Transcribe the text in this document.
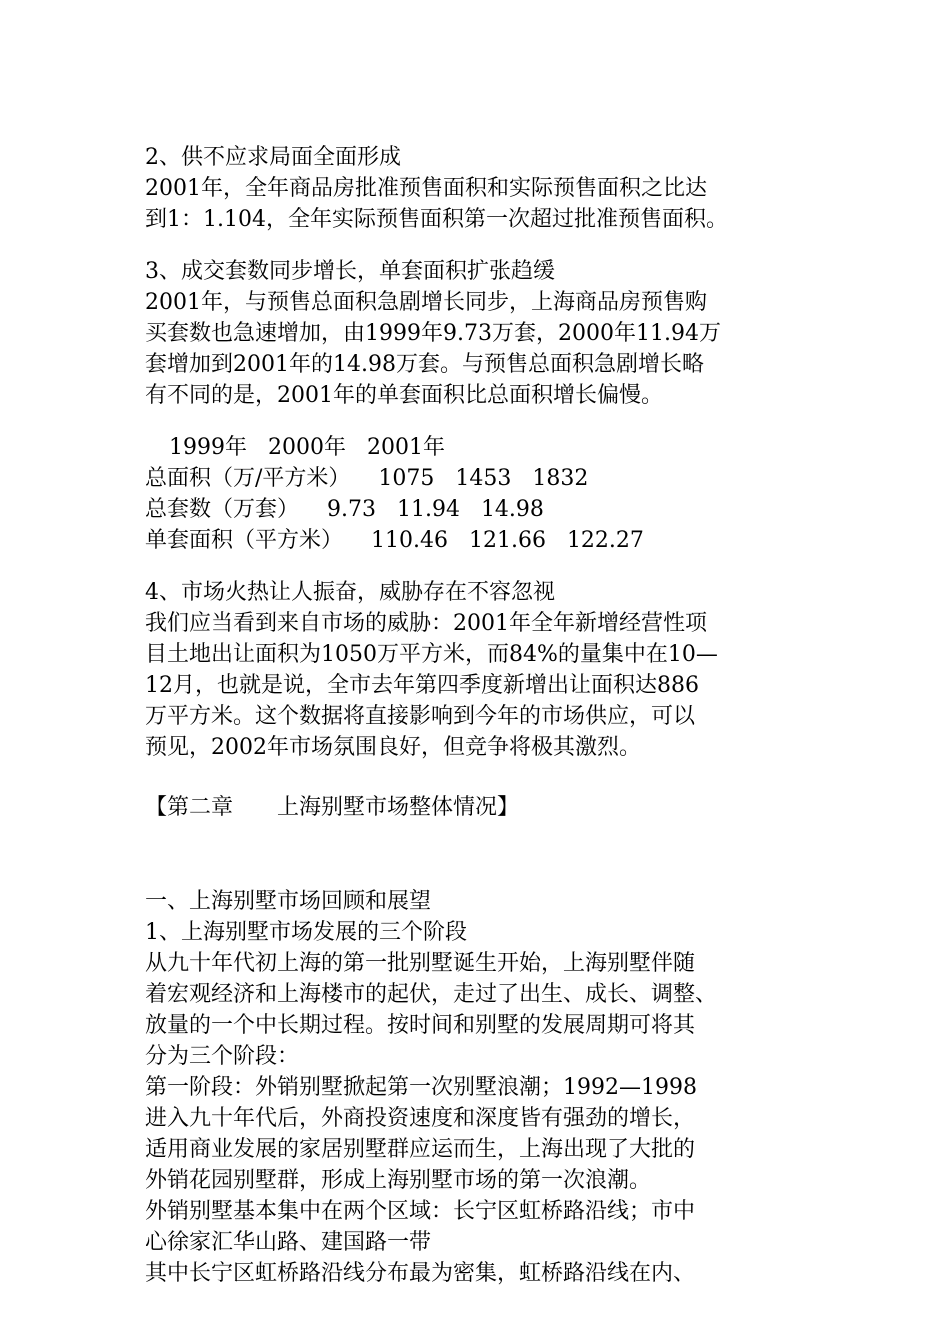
2、供不应求局面全面形成
2001年，全年商品房批准预售面积和实际预售面积之比达
到1：1.104，全年实际预售面积第一次超过批准预售面积。
3、成交套数同步增长，单套面积扩张趋缓
2001年，与预售总面积急剧增长同步，上海商品房预售购
买套数也急速增加，由1999年9.73万套，2000年11.94万
套增加到2001年的14.98万套。与预售总面积急剧增长略
有不同的是，2001年的单套面积比总面积增长偏慢。
1999年
2000年
2001年
总面积（万/平方米）
1075
1453
1832
总套数（万套）
9.73
11.94
14.98
单套面积（平方米）
110.46
121.66
122.27
4、市场火热让人振奋，威胁存在不容忽视
我们应当看到来自市场的威胁：2001年全年新增经营性项
目土地出让面积为1050万平方米，而84%的量集中在10—
12月，也就是说，全市去年第四季度新增出让面积达886
万平方米。这个数据将直接影响到今年的市场供应，可以
预见，2002年市场氛围良好，但竞争将极其激烈。
【第二章　　上海别墅市场整体情况】
一、上海别墅市场回顾和展望
1、上海别墅市场发展的三个阶段
从九十年代初上海的第一批别墅诞生开始，上海别墅伴随
着宏观经济和上海楼市的起伏，走过了出生、成长、调整、
放量的一个中长期过程。按时间和别墅的发展周期可将其
分为三个阶段：
第一阶段：外销别墅掀起第一次别墅浪潮；1992—1998
进入九十年代后，外商投资速度和深度皆有强劲的增长，
适用商业发展的家居别墅群应运而生，上海出现了大批的
外销花园别墅群，形成上海别墅市场的第一次浪潮。
外销别墅基本集中在两个区域：长宁区虹桥路沿线；市中
心徐家汇华山路、建国路一带
其中长宁区虹桥路沿线分布最为密集，虹桥路沿线在内、
